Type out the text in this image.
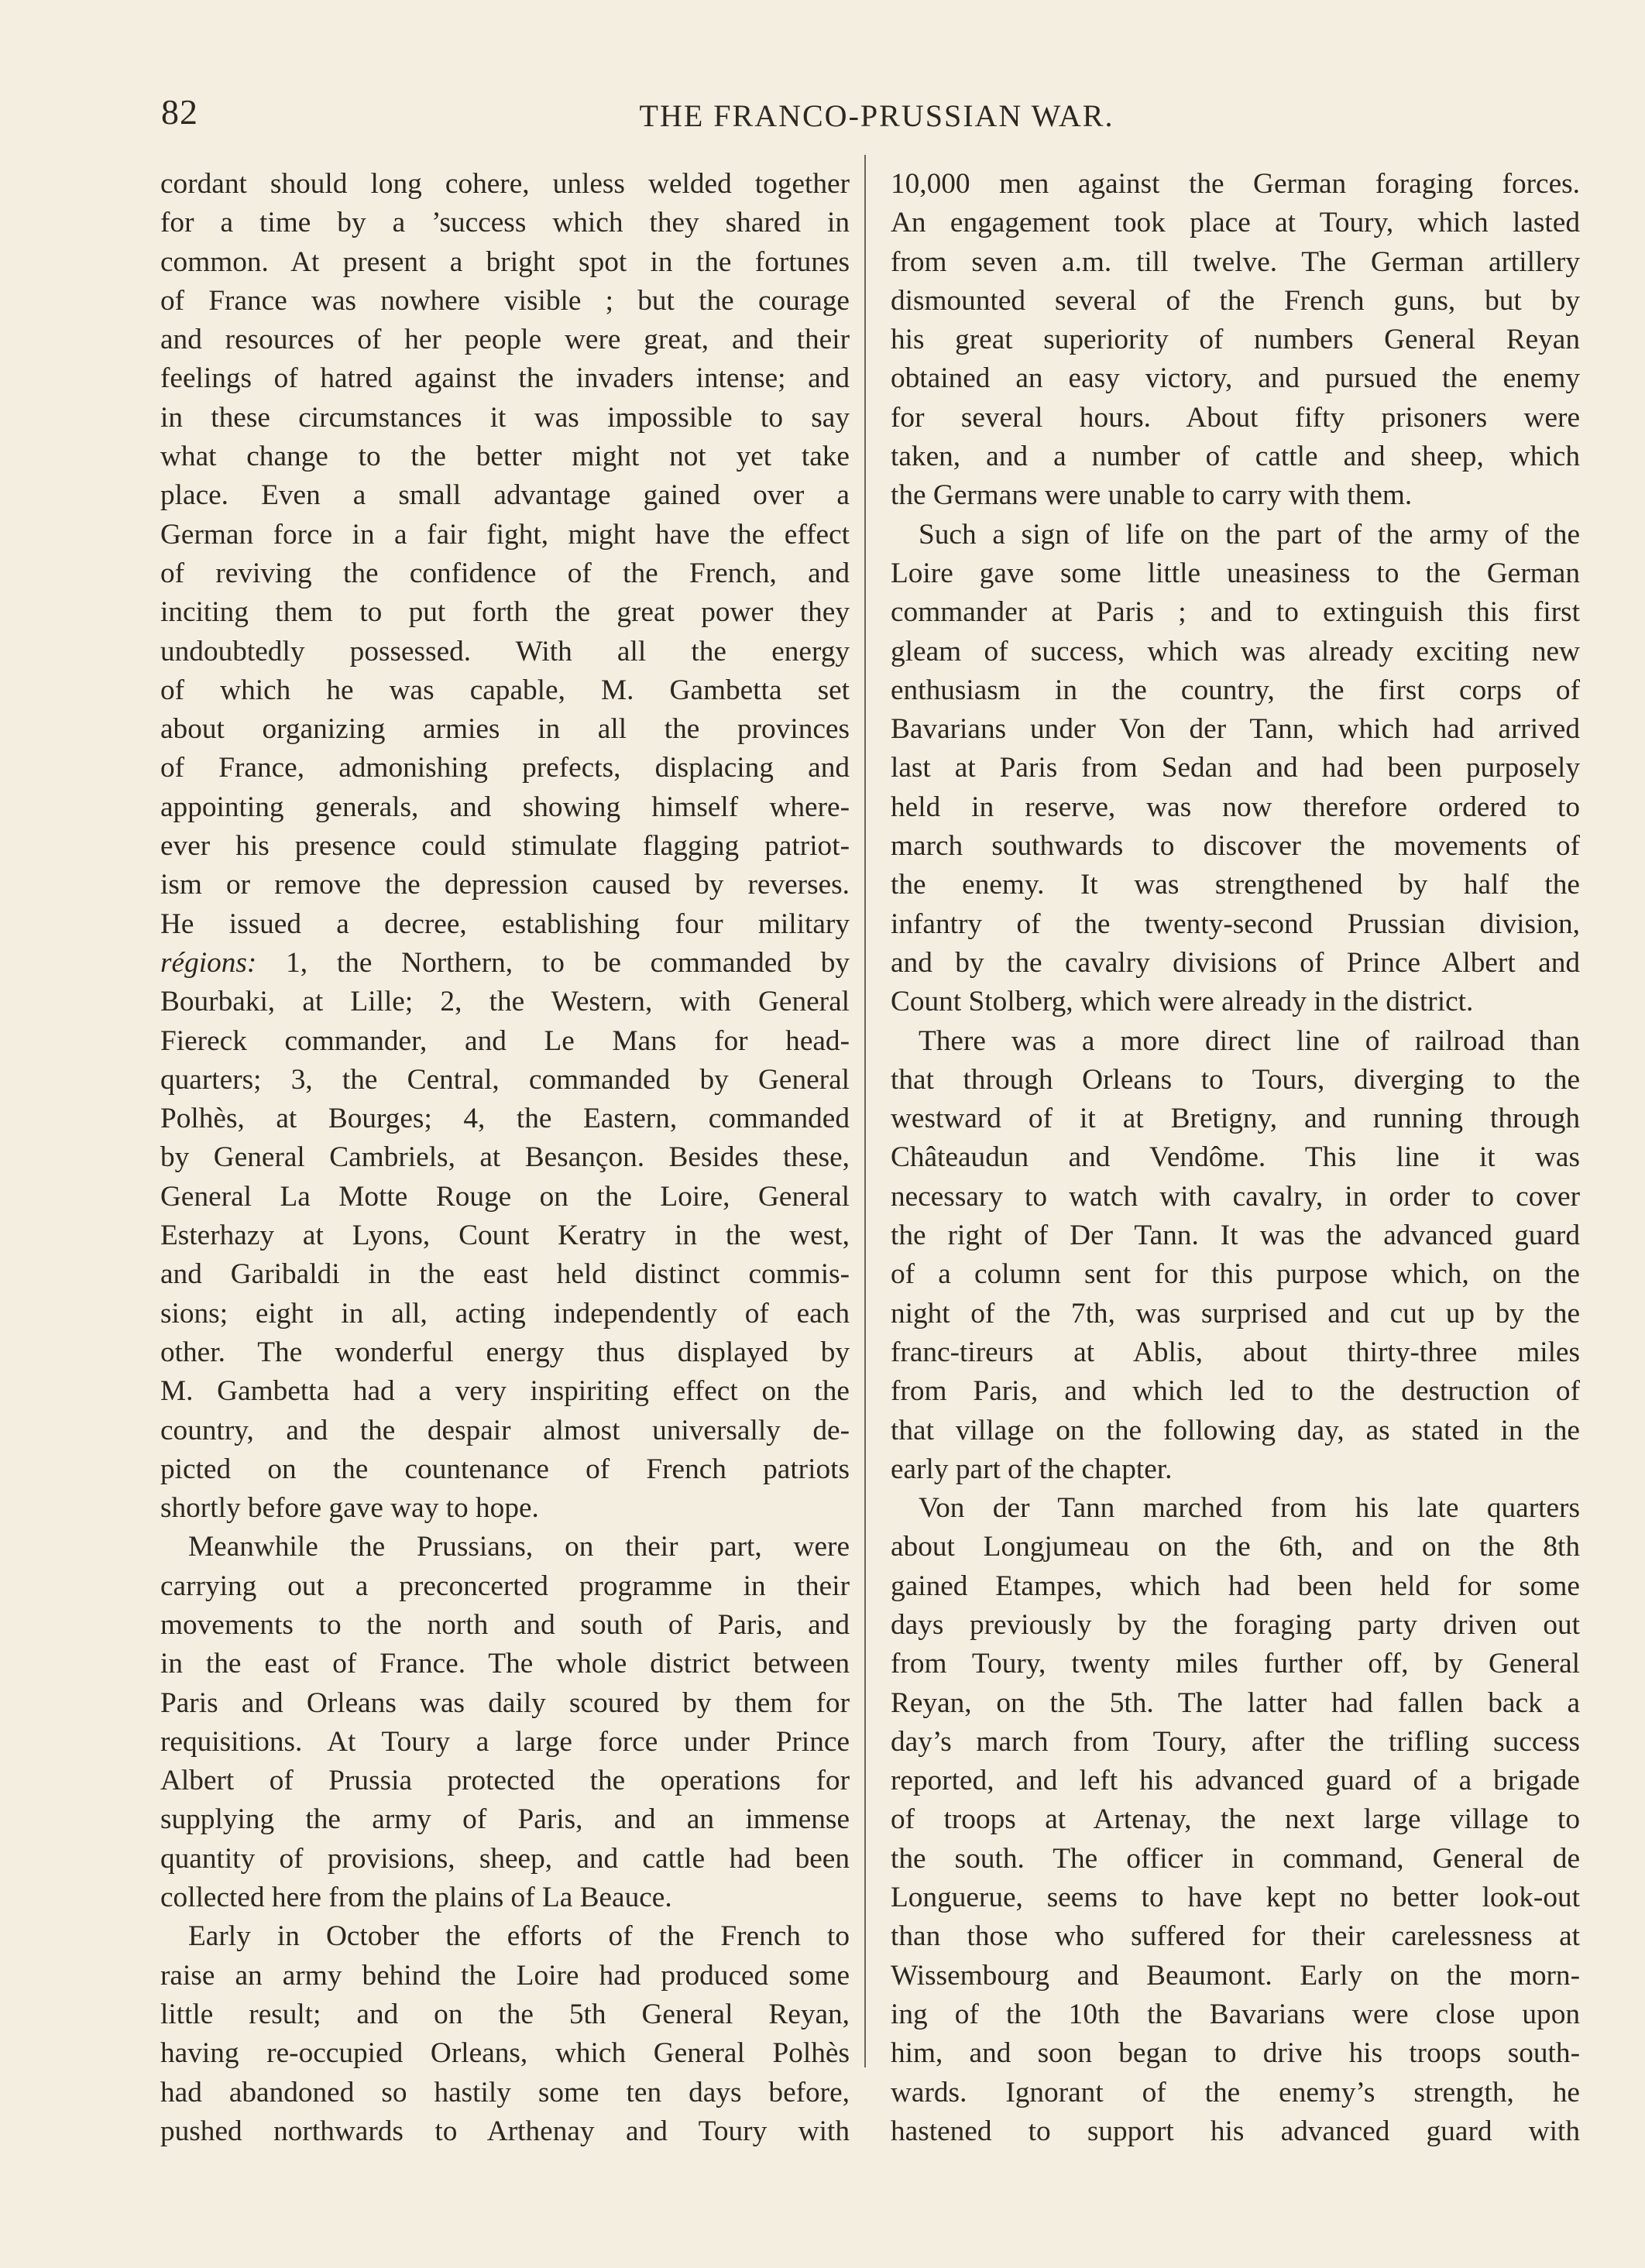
82	THE FRANCO-PRUSSIAN WAR.
cordant should long cohere, unless welded together
for a time by a ’success which they shared in
common. At present a bright spot in the fortunes
of France was nowhere visible ; but the courage
and resources of her people were great, and their
feelings of hatred against the invaders intense; and
in these circumstances it was impossible to say
what change to the better might not yet take
place. Even a small advantage gained over a
German force in a fair fight, might have the effect
of reviving the confidence of the French, and
inciting them to put forth the great power they
undoubtedly possessed. With all the energy
of which he was capable, M. Gambetta set
about organizing armies in all the provinces
of France, admonishing prefects, displacing and
appointing generals, and showing himself where-
ever his presence could stimulate flagging patriot-
ism or remove the depression caused by reverses.
He issued a decree, establishing four military
régions: 1, the Northern, to be commanded by
Bourbaki, at Lille; 2, the Western, with General
Fiereck commander, and Le Mans for head-
quarters; 3, the Central, commanded by General
Polhès, at Bourges; 4, the Eastern, commanded
by General Cambriels, at Besançon. Besides these,
General La Motte Rouge on the Loire, General
Esterhazy at Lyons, Count Keratry in the west,
and Garibaldi in the east held distinct commis-
sions; eight in all, acting independently of each
other. The wonderful energy thus displayed by
M. Gambetta had a very inspiriting effect on the
country, and the despair almost universally de-
picted on the countenance of French patriots
shortly before gave way to hope.
Meanwhile the Prussians, on their part, were
carrying out a preconcerted programme in their
movements to the north and south of Paris, and
in the east of France. The whole district between
Paris and Orleans was daily scoured by them for
requisitions. At Toury a large force under Prince
Albert of Prussia protected the operations for
supplying the army of Paris, and an immense
quantity of provisions, sheep, and cattle had been
collected here from the plains of La Beauce.
Early in October the efforts of the French to
raise an army behind the Loire had produced some
little result; and on the 5th General Reyan,
having re-occupied Orleans, which General Polhès
had abandoned so hastily some ten days before,
pushed northwards to Arthenay and Toury with
10,000 men against the German foraging forces.
An engagement took place at Toury, which lasted
from seven a.m. till twelve. The German artillery
dismounted several of the French guns, but by
his great superiority of numbers General Reyan
obtained an easy victory, and pursued the enemy
for several hours. About fifty prisoners were
taken, and a number of cattle and sheep, which
the Germans were unable to carry with them.
Such a sign of life on the part of the army of the
Loire gave some little uneasiness to the German
commander at Paris ; and to extinguish this first
gleam of success, which was already exciting new
enthusiasm in the country, the first corps of
Bavarians under Von der Tann, which had arrived
last at Paris from Sedan and had been purposely
held in reserve, was now therefore ordered to
march southwards to discover the movements of
the enemy. It was strengthened by half the
infantry of the twenty-second Prussian division,
and by the cavalry divisions of Prince Albert and
Count Stolberg, which were already in the district.
There was a more direct line of railroad than
that through Orleans to Tours, diverging to the
westward of it at Bretigny, and running through
Châteaudun and Vendôme. This line it was
necessary to watch with cavalry, in order to cover
the right of Der Tann. It was the advanced guard
of a column sent for this purpose which, on the
night of the 7th, was surprised and cut up by the
franc-tireurs at Ablis, about thirty-three miles
from Paris, and which led to the destruction of
that village on the following day, as stated in the
early part of the chapter.
Von der Tann marched from his late quarters
about Longjumeau on the 6th, and on the 8th
gained Etampes, which had been held for some
days previously by the foraging party driven out
from Toury, twenty miles further off, by General
Reyan, on the 5th. The latter had fallen back a
day’s march from Toury, after the trifling success
reported, and left his advanced guard of a brigade
of troops at Artenay, the next large village to
the south. The officer in command, General de
Longuerue, seems to have kept no better look-out
than those who suffered for their carelessness at
Wissembourg and Beaumont. Early on the morn-
ing of the 10th the Bavarians were close upon
him, and soon began to drive his troops south-
wards. Ignorant of the enemy’s strength, he
hastened to support his advanced guard with
